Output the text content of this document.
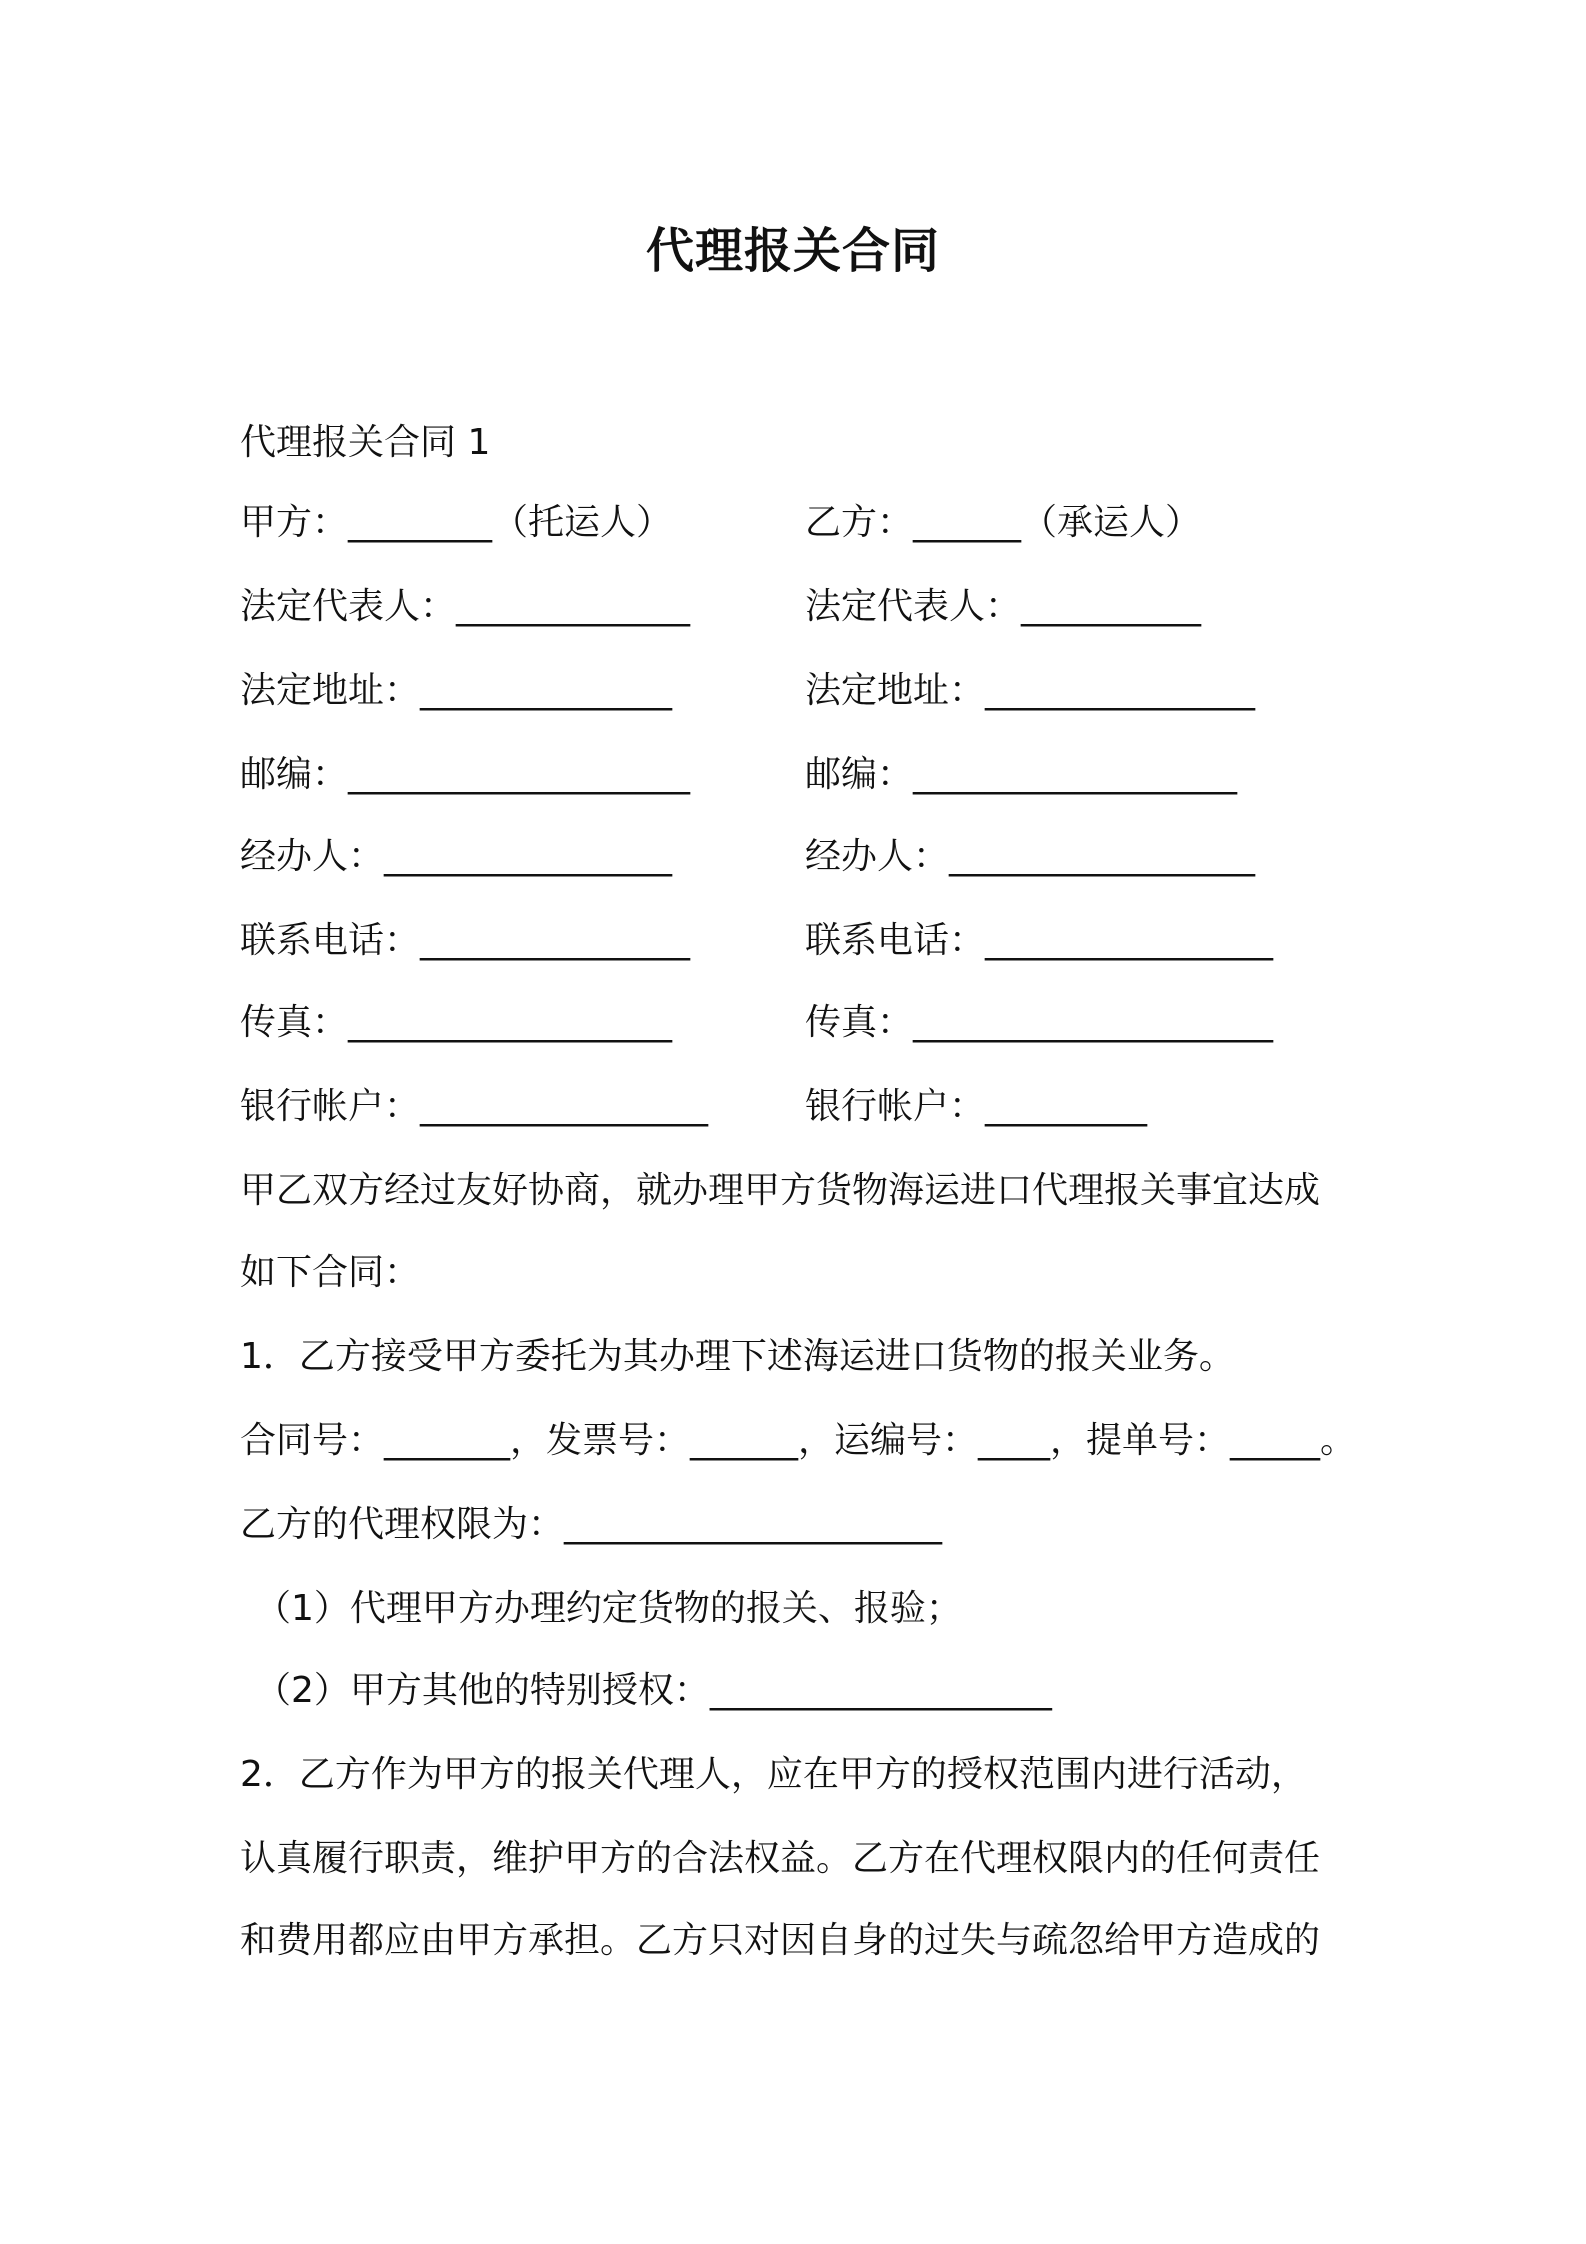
代理报关合同
代理报关合同 1
甲方：________（托运人）	乙方：______（承运人）
法定代表人：_____________	法定代表人：__________
法定地址：______________	法定地址：_______________
邮编：___________________	邮编：__________________
经办人：________________	经办人：_________________
联系电话：_______________	联系电话：________________
传真：__________________	传真：____________________
银行帐户：________________	银行帐户：_________
甲乙双方经过友好协商，就办理甲方货物海运进口代理报关事宜达成
如下合同：
1．乙方接受甲方委托为其办理下述海运进口货物的报关业务。
合同号：_______，发票号：______，运编号：____，提单号：_____。
乙方的代理权限为：_____________________
（1）代理甲方办理约定货物的报关、报验；
（2）甲方其他的特别授权：___________________
2．乙方作为甲方的报关代理人，应在甲方的授权范围内进行活动，
认真履行职责，维护甲方的合法权益。乙方在代理权限内的任何责任
和费用都应由甲方承担。乙方只对因自身的过失与疏忽给甲方造成的
